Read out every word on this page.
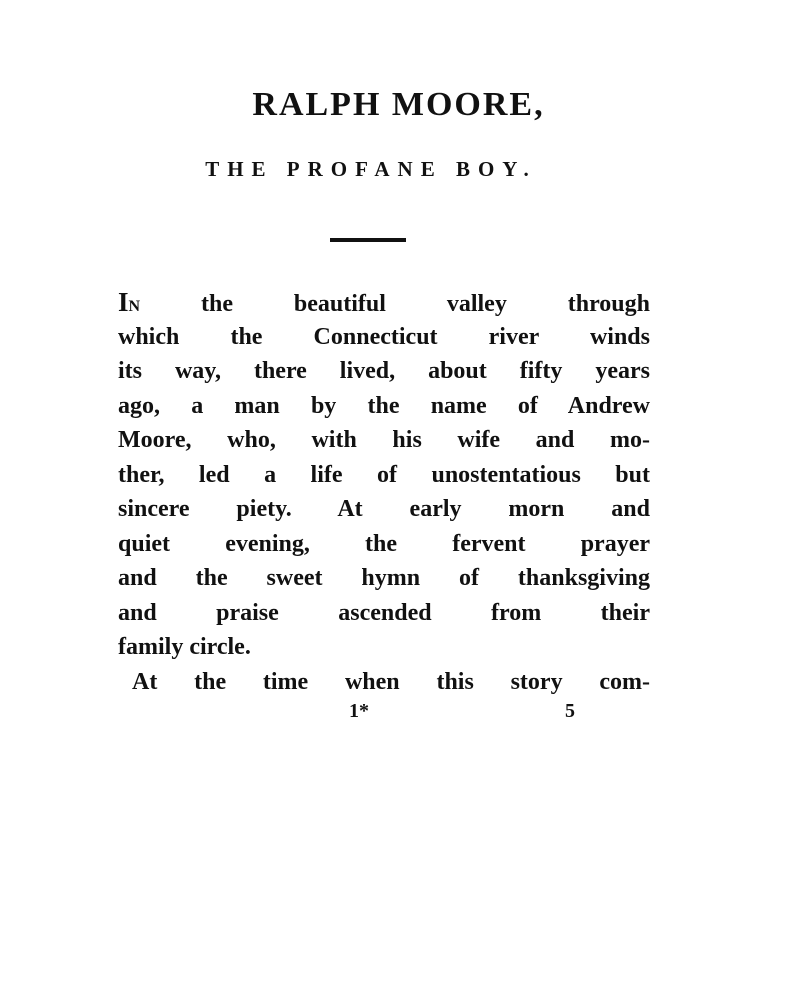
RALPH MOORE,
THE PROFANE BOY.
In the beautiful valley through
which the Connecticut river winds
its way, there lived, about fifty years
ago, a man by the name of Andrew
Moore, who, with his wife and mo-
ther, led a life of unostentatious but
sincere piety. At early morn and
quiet evening, the fervent prayer
and the sweet hymn of thanksgiving
and praise ascended from their
family circle.
At the time when this story com-
1*	5
